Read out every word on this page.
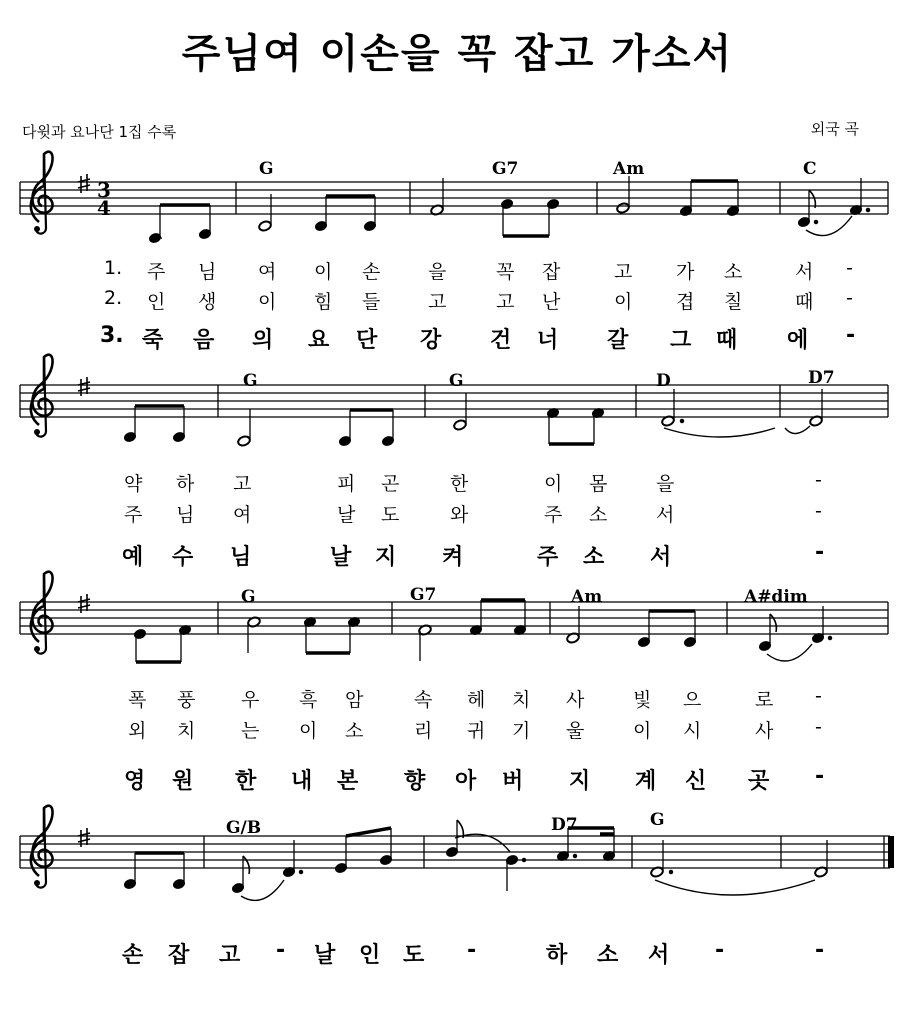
주님여 이손을 꼭 잡고 가소서
다윗과 요나단 1집 수록	외국 곡
3
4
G	G7	Am	C
G	G	D	D7
G	G7	Am	A#dim
G/B	D7	G
1. 주 님 여 이 손	을	꼭 잡	고 가 소	서 -
2. 인 생 이 힘 들	고	고 난	이 겹 칠	때 -
3. 죽 음 의 요 단 강 건 너 갈 그 때 에 -
약 하 고	피 곤	한	이 몸	을	-
주 님 여	날 도	와	주 소	서	-
예 수 님	날 지 켜	주 소 서	-
폭 풍 우 흑 암	속 헤 치 사	빛 으	로 -
외 치 는 이 소	리 귀 기 울	이 시	사 -
영 원 한 내 본 향 아 버 지 계 신 곳 -
손 잡 고 - 날 인 도 -	하 소 서 -	-
